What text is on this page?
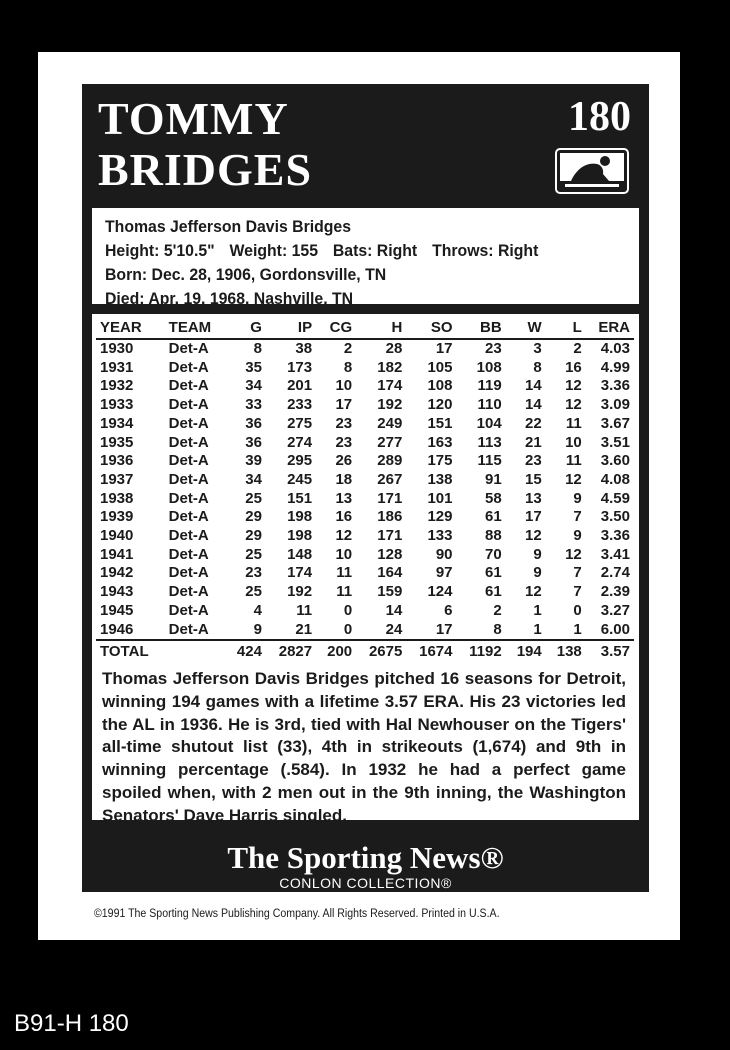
TOMMY
BRIDGES
180
Thomas Jefferson Davis Bridges
Height: 5'10.5" Weight: 155 Bats: Right Throws: Right
Born: Dec. 28, 1906, Gordonsville, TN
Died: Apr. 19, 1968, Nashville, TN
YEAR	TEAM	G	IP	CG	H	SO	BB	W	L	ERA
1930	Det-A	8	38	2	28	17	23	3	2	4.03
1931	Det-A	35	173	8	182	105	108	8	16	4.99
1932	Det-A	34	201	10	174	108	119	14	12	3.36
1933	Det-A	33	233	17	192	120	110	14	12	3.09
1934	Det-A	36	275	23	249	151	104	22	11	3.67
1935	Det-A	36	274	23	277	163	113	21	10	3.51
1936	Det-A	39	295	26	289	175	115	23	11	3.60
1937	Det-A	34	245	18	267	138	91	15	12	4.08
1938	Det-A	25	151	13	171	101	58	13	9	4.59
1939	Det-A	29	198	16	186	129	61	17	7	3.50
1940	Det-A	29	198	12	171	133	88	12	9	3.36
1941	Det-A	25	148	10	128	90	70	9	12	3.41
1942	Det-A	23	174	11	164	97	61	9	7	2.74
1943	Det-A	25	192	11	159	124	61	12	7	2.39
1945	Det-A	4	11	0	14	6	2	1	0	3.27
1946	Det-A	9	21	0	24	17	8	1	1	6.00
TOTAL		424	2827	200	2675	1674	1192	194	138	3.57
Thomas Jefferson Davis Bridges pitched 16 seasons for Detroit, winning 194 games with a lifetime 3.57 ERA. His 23 victories led the AL in 1936. He is 3rd, tied with Hal Newhouser on the Tigers' all-time shutout list (33), 4th in strikeouts (1,674) and 9th in winning percentage (.584). In 1932 he had a perfect game spoiled when, with 2 men out in the 9th inning, the Washington Senators' Dave Harris singled.
The Sporting News®
CONLON COLLECTION®
©1991 The Sporting News Publishing Company. All Rights Reserved. Printed in U.S.A.
B91-H 180
